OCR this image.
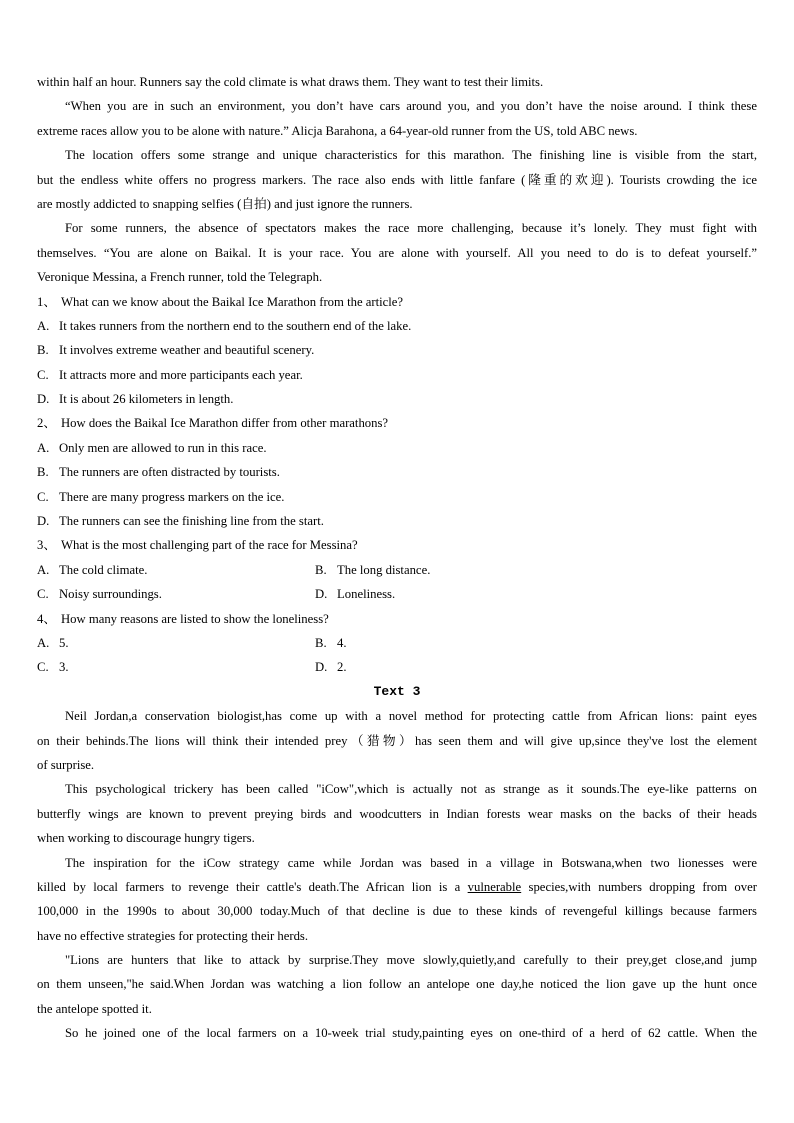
within half an hour. Runners say the cold climate is what draws them. They want to test their limits.
“When you are in such an environment, you don’t have cars around you, and you don’t have the noise around. I think these
extreme races allow you to be alone with nature.” Alicja Barahona, a 64-year-old runner from the US, told ABC news.
The location offers some strange and unique characteristics for this marathon. The finishing line is visible from the start,
but the endless white offers no progress markers. The race also ends with little fanfare (隆重的欢迎). Tourists crowding the ice
are mostly addicted to snapping selfies (自拍) and just ignore the runners.
For some runners, the absence of spectators makes the race more challenging, because it’s lonely. They must fight with
themselves. “You are alone on Baikal. It is your race. You are alone with yourself. All you need to do is to defeat yourself.”
Veronique Messina, a French runner, told the Telegraph.
1、 What can we know about the Baikal Ice Marathon from the article?
A. It takes runners from the northern end to the southern end of the lake.
B. It involves extreme weather and beautiful scenery.
C. It attracts more and more participants each year.
D. It is about 26 kilometers in length.
2、 How does the Baikal Ice Marathon differ from other marathons?
A. Only men are allowed to run in this race.
B. The runners are often distracted by tourists.
C. There are many progress markers on the ice.
D. The runners can see the finishing line from the start.
3、 What is the most challenging part of the race for Messina?
A. The cold climate.	B. The long distance.
C. Noisy surroundings.	D. Loneliness.
4、 How many reasons are listed to show the loneliness?
A. 5.	B. 4.
C. 3.	D. 2.
Text 3
Neil Jordan,a conservation biologist,has come up with a novel method for protecting cattle from African lions: paint eyes
on their behinds.The lions will think their intended prey（猎物）has seen them and will give up,since they've lost the element
of surprise.
This psychological trickery has been called "iCow",which is actually not as strange as it sounds.The eye-like patterns on
butterfly wings are known to prevent preying birds and woodcutters in Indian forests wear masks on the backs of their heads
when working to discourage hungry tigers.
The inspiration for the iCow strategy came while Jordan was based in a village in Botswana,when two lionesses were
killed by local farmers to revenge their cattle's death.The African lion is a vulnerable species,with numbers dropping from over
100,000 in the 1990s to about 30,000 today.Much of that decline is due to these kinds of revengeful killings because farmers
have no effective strategies for protecting their herds.
"Lions are hunters that like to attack by surprise.They move slowly,quietly,and carefully to their prey,get close,and jump
on them unseen,"he said.When Jordan was watching a lion follow an antelope one day,he noticed the lion gave up the hunt once
the antelope spotted it.
So he joined one of the local farmers on a 10-week trial study,painting eyes on one-third of a herd of 62 cattle. When the
